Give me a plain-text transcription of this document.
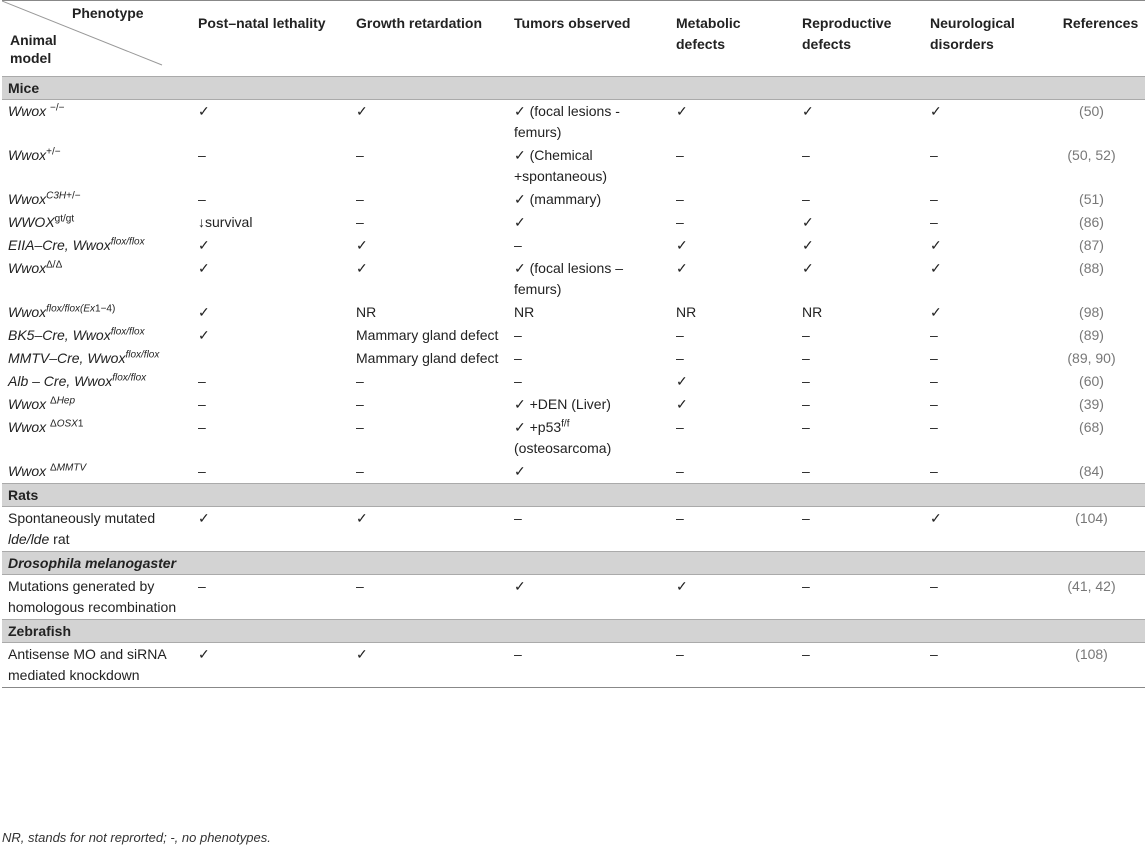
Phenotype
Animal model	Post–natal lethality	Growth retardation	Tumors observed	Metabolic defects	Reproductive defects	Neurological disorders	References
Mice							
Wwox −/−	✓	✓	✓ (focal lesions - femurs)	✓	✓	✓	(50)
Wwox+/−	–	–	✓ (Chemical +spontaneous)	–	–	–	(50, 52)
Wwox$^{C3H+/-}$	–	–	✓ (mammary)	–	–	–	(51)
$WWOX^{gt/gt}$	↓survival	–	✓	–	✓	–	(86)
EIIA–Cre, Wwox$^{flox/flox}$	✓	✓	–	✓	✓	✓	(87)
Wwox$^{\Delta/\Delta}$	✓	✓	✓ (focal lesions – femurs)	✓	✓	✓	(88)
Wwox$^{flox/flox(Ex1-4)}$	✓	NR	NR	NR	NR	✓	(98)
BK5–Cre, Wwox$^{flox/flox}$	✓	Mammary gland defect	–	–	–	–	(89)
MMTV–Cre, Wwox$^{flox/flox}$		Mammary gland defect	–	–	–	–	(89, 90)
Alb – Cre, Wwox$^{flox/flox}$	–	–	–	✓	–	–	(60)
Wwox $^{\Delta Hep}$	–	–	✓ +DEN (Liver)	✓	–	–	(39)
Wwox $^{\Delta OSX1}$	–	–	✓ $+p53^{f/f}$ (osteosarcoma)	–	–	–	(68)
Wwox $^{\Delta MMTV}$	–	–	✓	–	–	–	(84)
Rats							
Spontaneously mutated lde/lde rat	✓	✓	–	–	–	✓	(104)
Drosophila melanogaster							
Mutations generated by homologous recombination	–	–	✓	✓	–	–	(41, 42)
Zebrafish							
Antisense MO and siRNA mediated knockdown	✓	✓	–	–	–	–	(108)
NR, stands for not reprorted; -, no phenotypes.
